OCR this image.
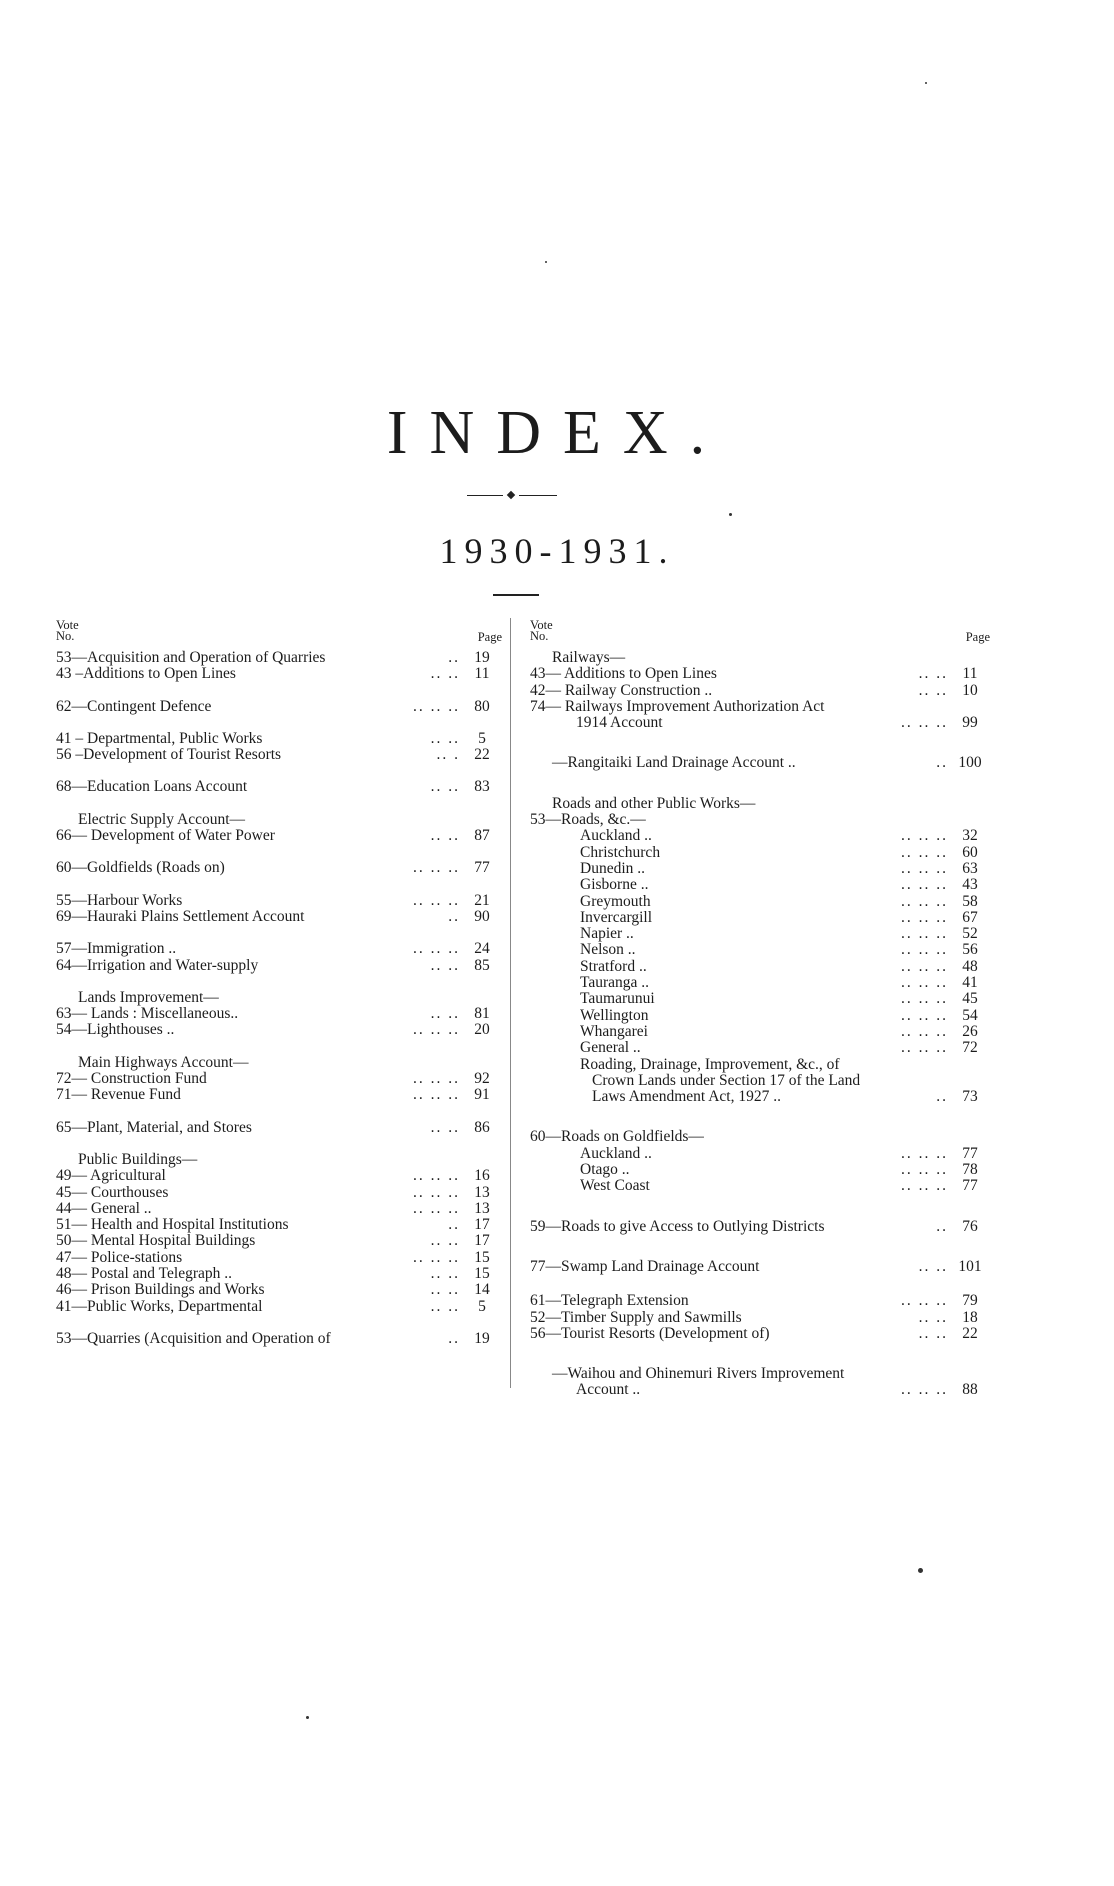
INDEX.
1930-1931.
Vote
No.	Page
53—Acquisition and Operation of Quarries	.. 19
43 –Additions to Open Lines	.. .. 11
62—Contingent Defence	.. .. .. 80
41 – Departmental, Public Works	.. ..	5
56 –Development of Tourist Resorts	.. . 22
68—Education Loans Account	.. .. 83
Electric Supply Account—
66— Development of Water Power	.. .. 87
60—Goldfields (Roads on)	.. .. .. 77
55—Harbour Works	.. .. .. 21
69—Hauraki Plains Settlement Account	.. 90
57—Immigration ..	.. .. .. 24
64—Irrigation and Water-supply	.. .. 85
Lands Improvement—
63— Lands : Miscellaneous..	.. .. 81
54—Lighthouses ..	.. .. .. 20
Main Highways Account—
72— Construction Fund	.. .. .. 92
71— Revenue Fund	.. .. .. 91
65—Plant, Material, and Stores	.. .. 86
Public Buildings—
49— Agricultural	.. .. .. 16
45— Courthouses	.. .. .. 13
44— General ..	.. .. .. 13
51— Health and Hospital Institutions	.. 17
50— Mental Hospital Buildings	.. .. 17
47— Police-stations	.. .. .. 15
48— Postal and Telegraph ..	.. .. 15
46— Prison Buildings and Works	.. .. 14
41—Public Works, Departmental	.. ..	5
53—Quarries (Acquisition and Operation of	.. 19
Vote
No.	Page
Railways—
43— Additions to Open Lines	.. .. 11
42— Railway Construction ..	.. .. 10
74— Railways Improvement Authorization Act
1914 Account	.. .. .. 99
—Rangitaiki Land Drainage Account ..	.. 100
Roads and other Public Works—
53—Roads, &c.—
Auckland ..	.. .. .. 32
Christchurch	.. .. .. 60
Dunedin ..	.. .. .. 63
Gisborne ..	.. .. .. 43
Greymouth	.. .. .. 58
Invercargill	.. .. .. 67
Napier ..	.. .. .. 52
Nelson ..	.. .. .. 56
Stratford ..	.. .. .. 48
Tauranga ..	.. .. .. 41
Taumarunui	.. .. .. 45
Wellington	.. .. .. 54
Whangarei	.. .. .. 26
General ..	.. .. .. 72
Roading, Drainage, Improvement, &c., of
Crown Lands under Section 17 of the Land
Laws Amendment Act, 1927 ..	.. 73
60—Roads on Goldfields—
Auckland ..	.. .. .. 77
Otago ..	.. .. .. 78
West Coast	.. .. .. 77
59—Roads to give Access to Outlying Districts	.. 76
77—Swamp Land Drainage Account	.. .. 101
61—Telegraph Extension	.. .. .. 79
52—Timber Supply and Sawmills	.. .. 18
56—Tourist Resorts (Development of)	.. .. 22
—Waihou and Ohinemuri Rivers Improvement
Account ..	.. .. .. 88
